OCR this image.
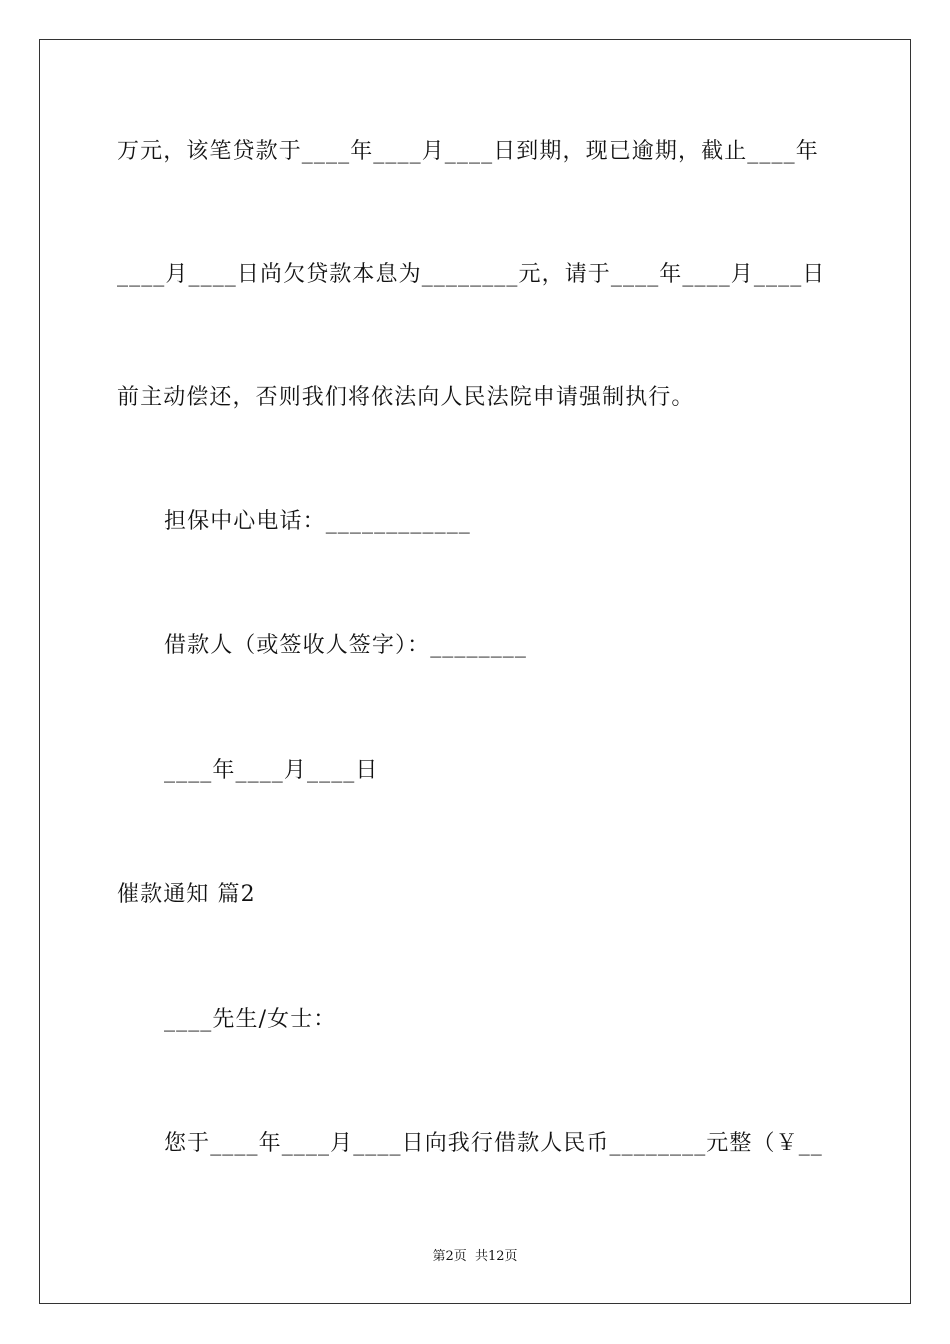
万元，该笔贷款于____年____月____日到期，现已逾期，截止____年
____月____日尚欠贷款本息为________元，请于____年____月____日
前主动偿还，否则我们将依法向人民法院申请强制执行。
担保中心电话：____________
借款人（或签收人签字）：________
____年____月____日
催款通知 篇2
____先生/女士：
您于____年____月____日向我行借款人民币________元整（￥__
第2页  共12页
